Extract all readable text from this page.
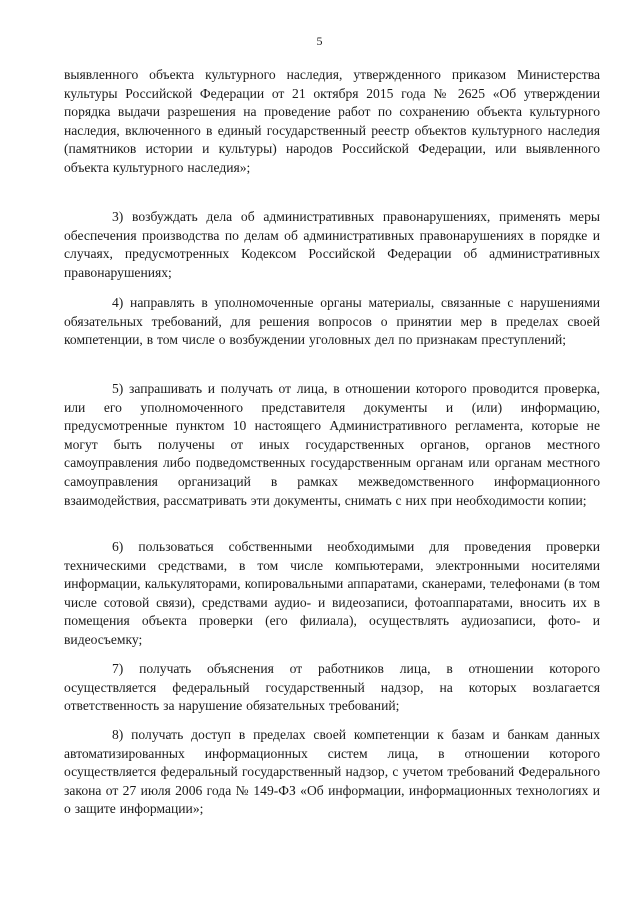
5

выявленного объекта культурного наследия, утвержденного приказом Министерства культуры Российской Федерации от 21 октября 2015 года № 2625 «Об утверждении порядка выдачи разрешения на проведение работ по сохранению объекта культурного наследия, включенного в единый государственный реестр объектов культурного наследия (памятников истории и культуры) народов Российской Федерации, или выявленного объекта культурного наследия»;

3) возбуждать дела об административных правонарушениях, применять меры обеспечения производства по делам об административных правонарушениях в порядке и случаях, предусмотренных Кодексом Российской Федерации об административных правонарушениях;

4) направлять в уполномоченные органы материалы, связанные с нарушениями обязательных требований, для решения вопросов о принятии мер в пределах своей компетенции, в том числе о возбуждении уголовных дел по признакам преступлений;

5) запрашивать и получать от лица, в отношении которого проводится проверка, или его уполномоченного представителя документы и (или) информацию, предусмотренные пунктом 10 настоящего Административного регламента, которые не могут быть получены от иных государственных органов, органов местного самоуправления либо подведомственных государственным органам или органам местного самоуправления организаций в рамках межведомственного информационного взаимодействия, рассматривать эти документы, снимать с них при необходимости копии;

6) пользоваться собственными необходимыми для проведения проверки техническими средствами, в том числе компьютерами, электронными носителями информации, калькуляторами, копировальными аппаратами, сканерами, телефонами (в том числе сотовой связи), средствами аудио- и видеозаписи, фотоаппаратами, вносить их в помещения объекта проверки (его филиала), осуществлять аудиозаписи, фото- и видеосъемку;

7) получать объяснения от работников лица, в отношении которого осуществляется федеральный государственный надзор, на которых возлагается ответственность за нарушение обязательных требований;

8) получать доступ в пределах своей компетенции к базам и банкам данных автоматизированных информационных систем лица, в отношении которого осуществляется федеральный государственный надзор, с учетом требований Федерального закона от 27 июля 2006 года № 149-ФЗ «Об информации, информационных технологиях и о защите информации»;
